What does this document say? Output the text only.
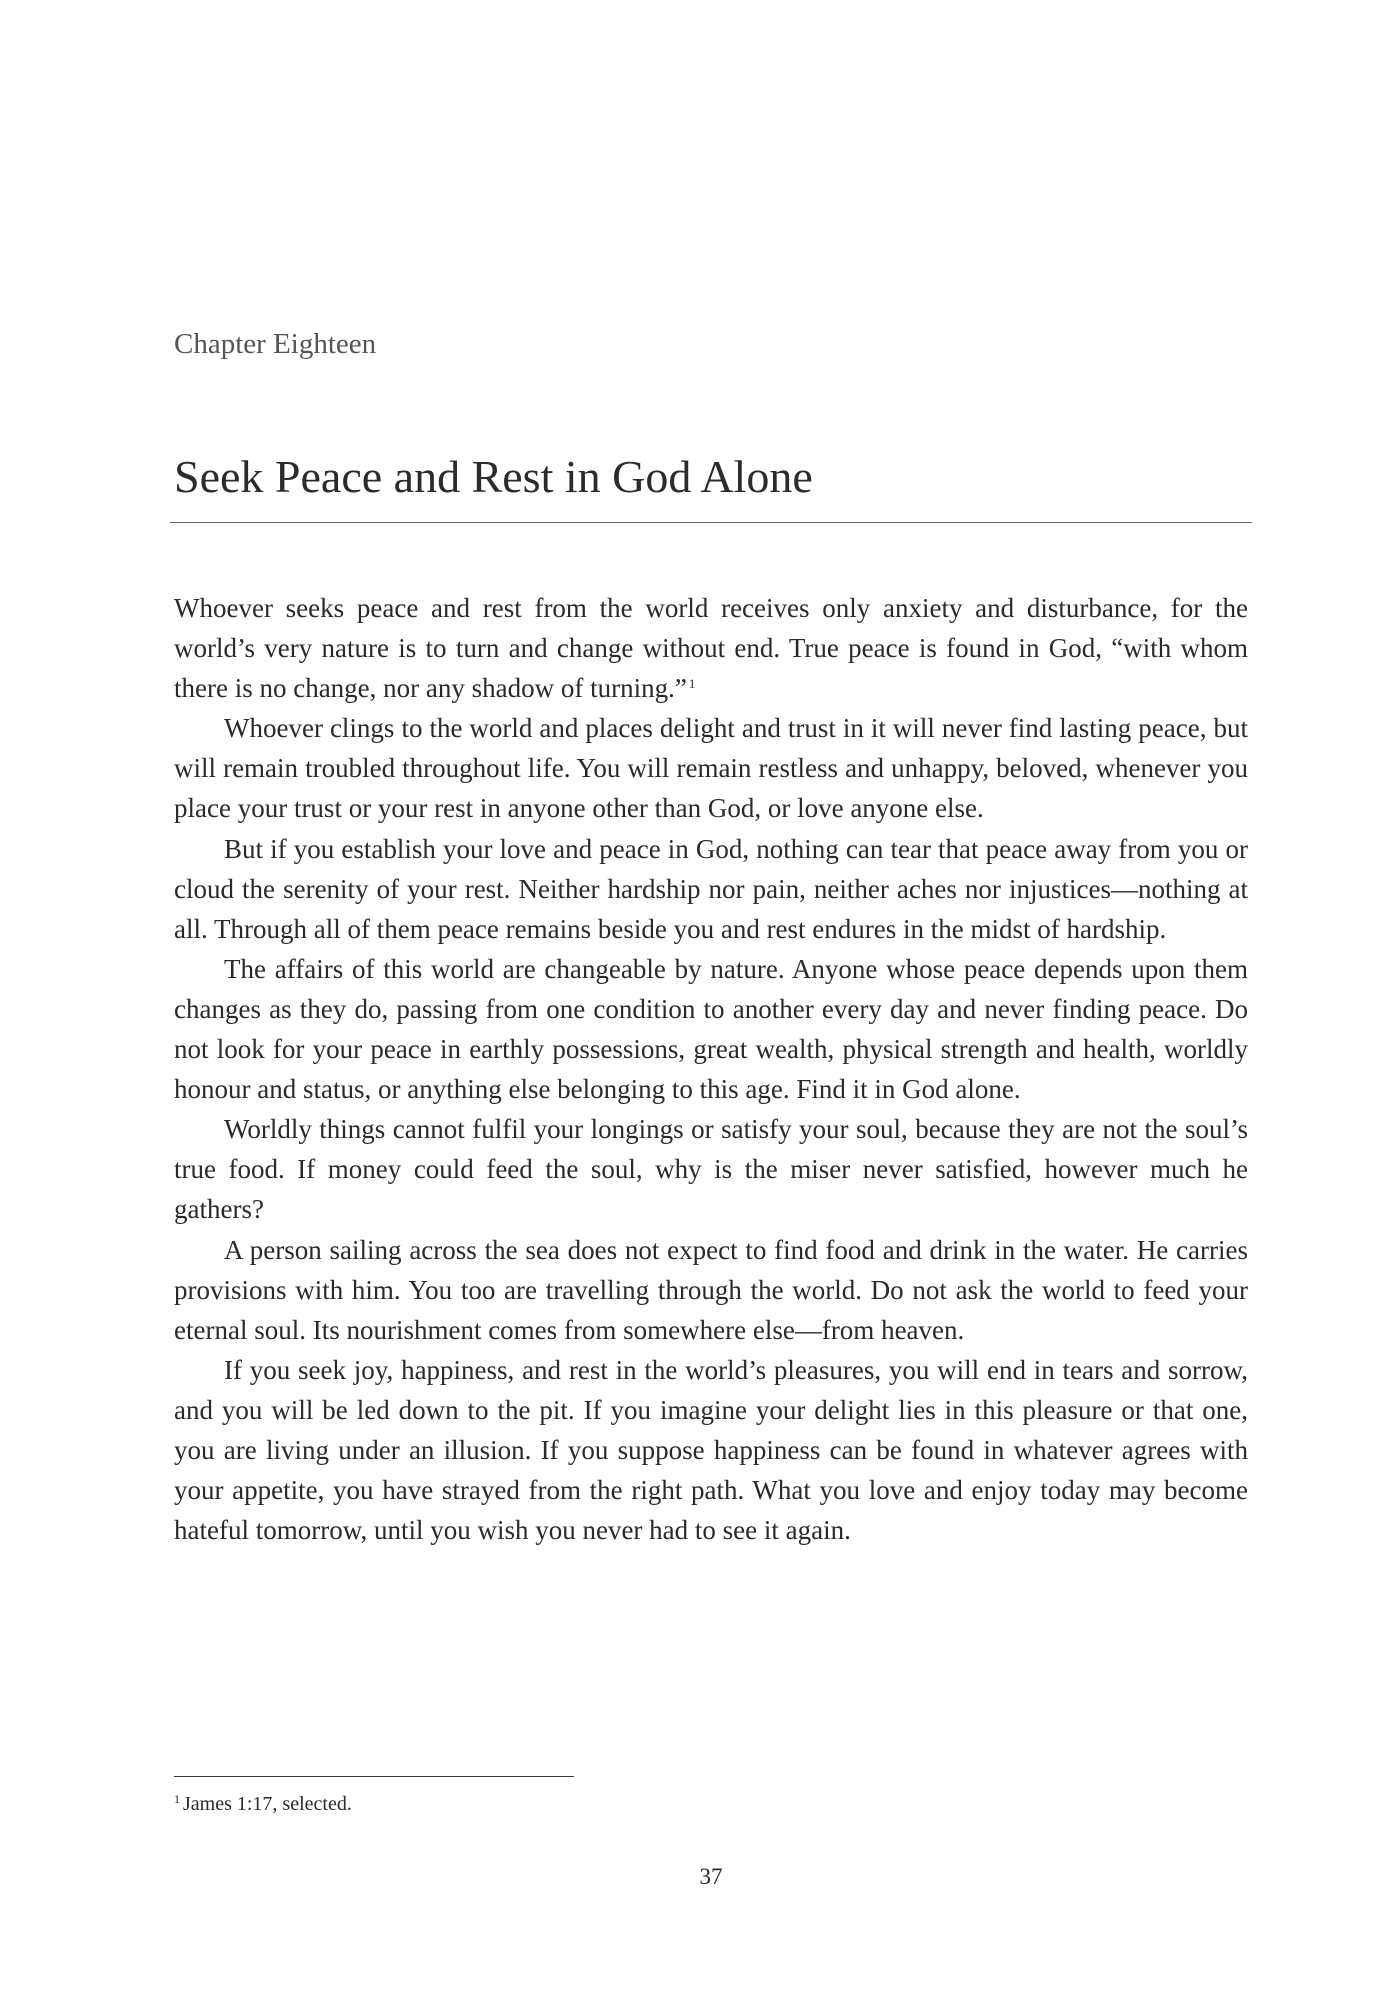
Chapter Eighteen
Seek Peace and Rest in God Alone

Whoever seeks peace and rest from the world receives only anxiety and disturbance, for the world’s very nature is to turn and change without end. True peace is found in God, “with whom there is no change, nor any shadow of turning.” $^1$

Whoever clings to the world and places delight and trust in it will never find lasting peace, but will remain troubled throughout life. You will remain restless and unhappy, beloved, whenever you place your trust or your rest in anyone other than God, or love anyone else.

But if you establish your love and peace in God, nothing can tear that peace away from you or cloud the serenity of your rest. Neither hardship nor pain, neither aches nor injustices—nothing at all. Through all of them peace remains beside you and rest endures in the midst of hardship.

The affairs of this world are changeable by nature. Anyone whose peace depends upon them changes as they do, passing from one condition to another every day and never finding peace. Do not look for your peace in earthly possessions, great wealth, physical strength and health, worldly honour and status, or anything else belonging to this age. Find it in God alone.

Worldly things cannot fulfil your longings or satisfy your soul, because they are not the soul’s true food. If money could feed the soul, why is the miser never satisfied, however much he gathers?

A person sailing across the sea does not expect to find food and drink in the water. He carries provisions with him. You too are travelling through the world. Do not ask the world to feed your eternal soul. Its nourishment comes from somewhere else—from heaven.

If you seek joy, happiness, and rest in the world’s pleasures, you will end in tears and sorrow, and you will be led down to the pit. If you imagine your delight lies in this pleasure or that one, you are living under an illusion. If you suppose happiness can be found in whatever agrees with your appetite, you have strayed from the right path. What you love and enjoy today may become hateful tomorrow, until you wish you never had to see it again.

$^1$ James 1:17, selected.
37
